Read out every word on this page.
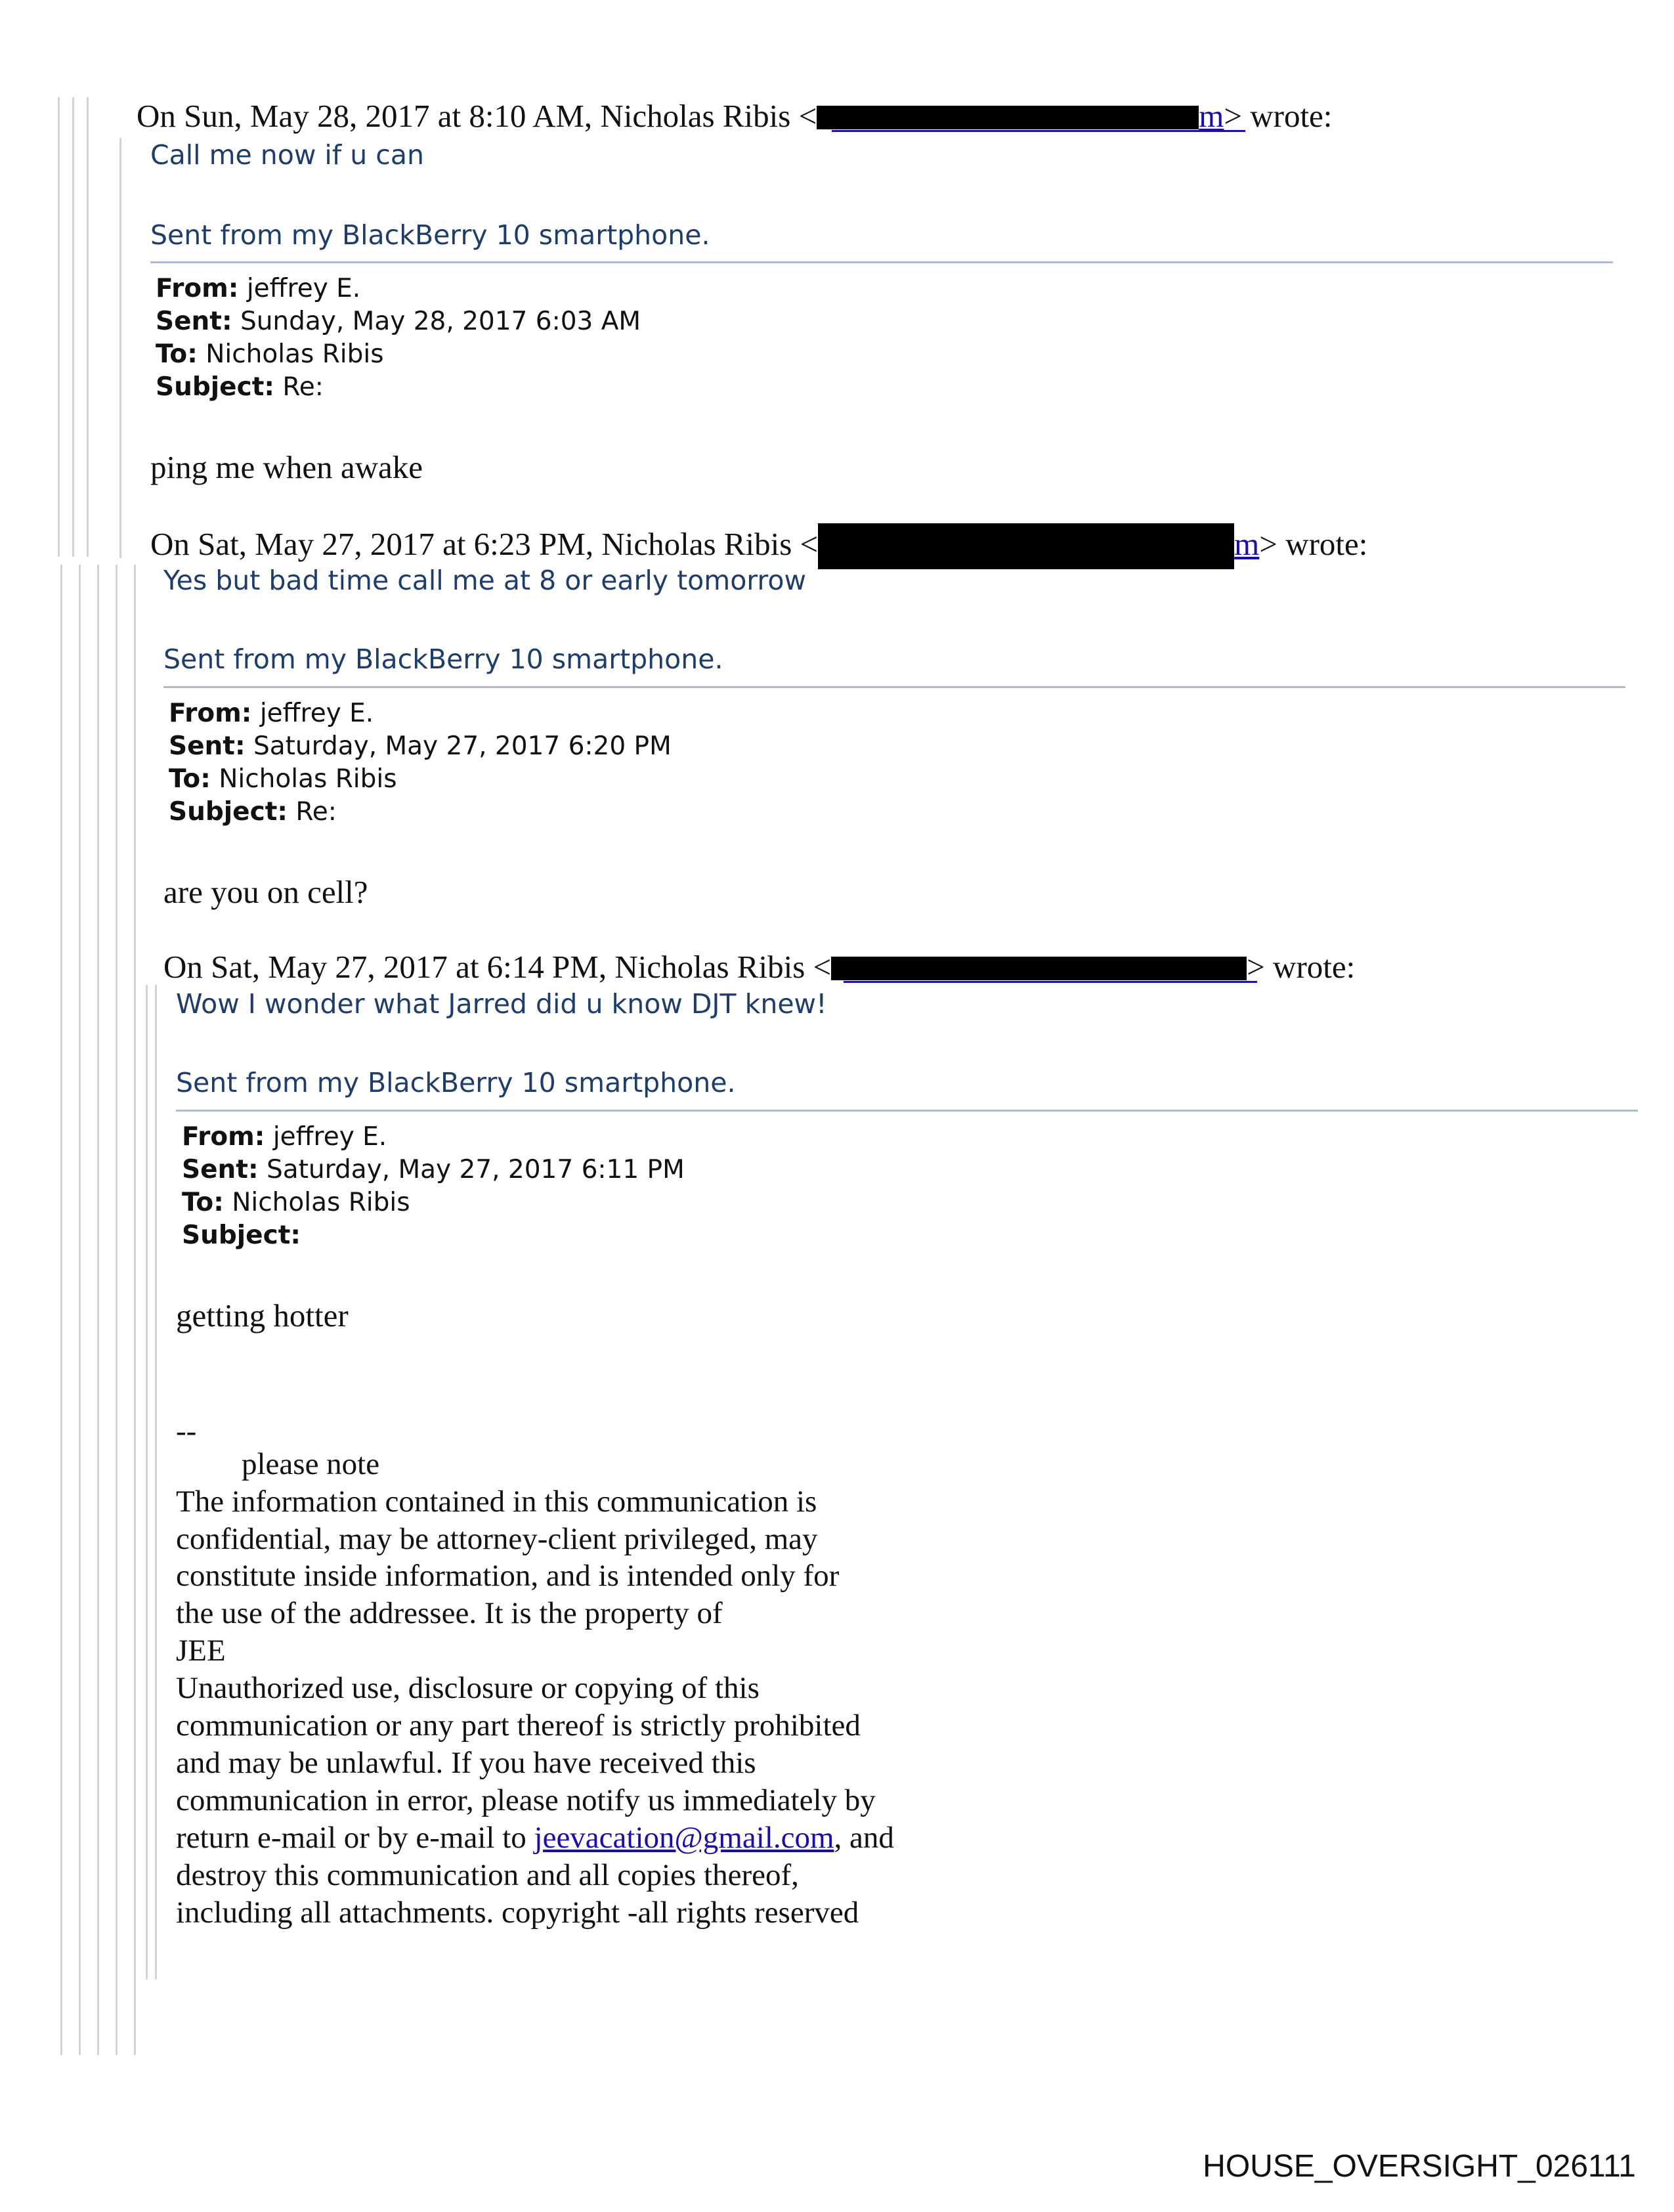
On Sun, May 28, 2017 at 8:10 AM, Nicholas Ribis <	m> wrote:
Call me now if u can
Sent from my BlackBerry 10 smartphone.
From: jeffrey E.
Sent: Sunday, May 28, 2017 6:03 AM
To: Nicholas Ribis
Subject: Re:
ping me when awake
On Sat, May 27, 2017 at 6:23 PM, Nicholas Ribis <	m> wrote:
Yes but bad time call me at 8 or early tomorrow
Sent from my BlackBerry 10 smartphone.
From: jeffrey E.
Sent: Saturday, May 27, 2017 6:20 PM
To: Nicholas Ribis
Subject: Re:
are you on cell?
On Sat, May 27, 2017 at 6:14 PM, Nicholas Ribis <	> wrote:
Wow I wonder what Jarred did u know DJT knew!
Sent from my BlackBerry 10 smartphone.
From: jeffrey E.
Sent: Saturday, May 27, 2017 6:11 PM
To: Nicholas Ribis
Subject:
getting hotter
--
please note
The information contained in this communication is
confidential, may be attorney-client privileged, may
constitute inside information, and is intended only for
the use of the addressee. It is the property of
JEE
Unauthorized use, disclosure or copying of this
communication or any part thereof is strictly prohibited
and may be unlawful. If you have received this
communication in error, please notify us immediately by
return e-mail or by e-mail to jeevacation@gmail.com, and
destroy this communication and all copies thereof,
including all attachments. copyright -all rights reserved
HOUSE_OVERSIGHT_026111
